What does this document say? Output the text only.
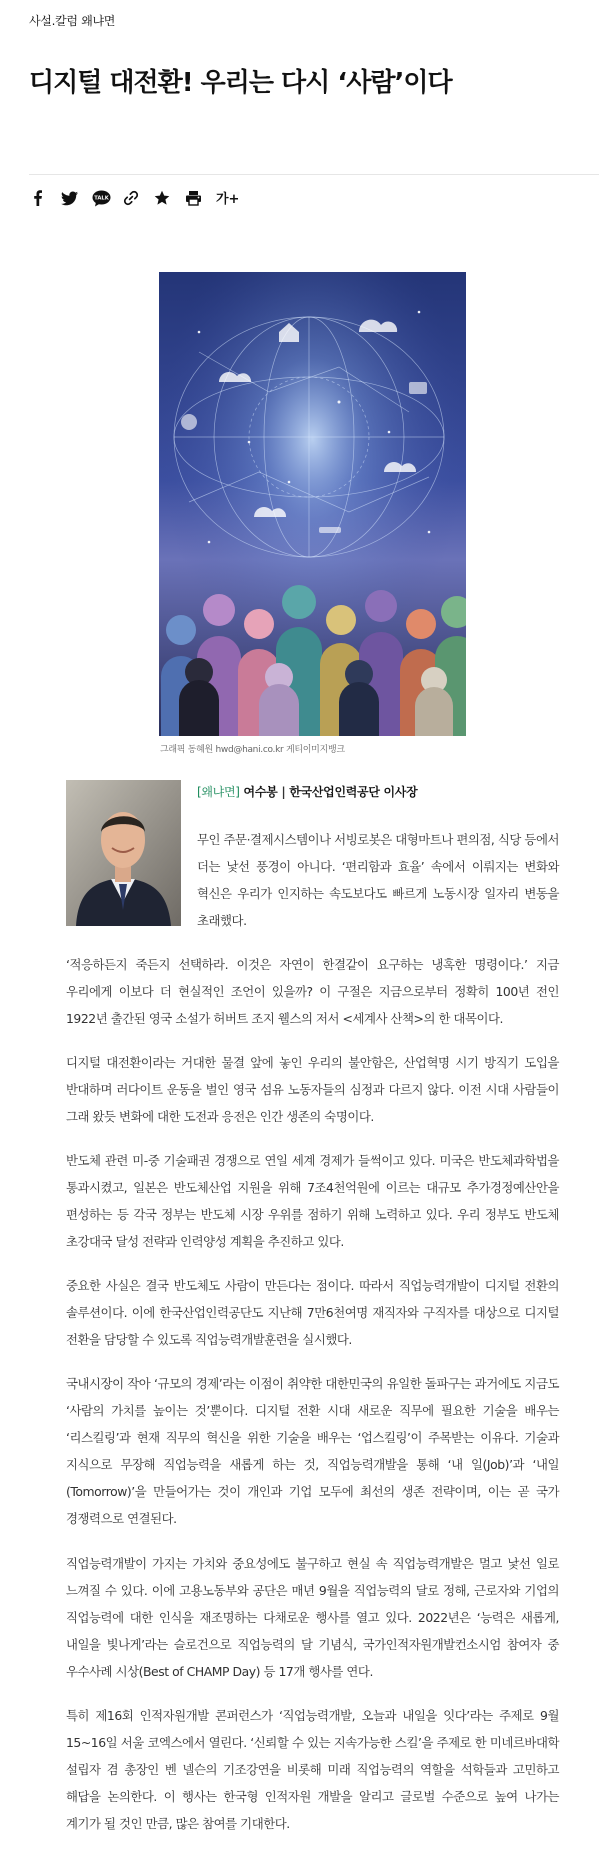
사설.칼럼 왜냐면
디지털 대전환! 우리는 다시 ‘사람’이다
TALK	가+
그래픽 동혜원 hwd@hani.co.kr 게티이미지뱅크
[왜냐면] 여수봉 | 한국산업인력공단 이사장

무인 주문·결제시스템이나 서빙로봇은 대형마트나 편의점, 식당 등에서 더는 낯선 풍경이 아니다. ‘편리함과 효율’ 속에서 이뤄지는 변화와 혁신은 우리가 인지하는 속도보다도 빠르게 노동시장 일자리 변동을 초래했다.

‘적응하든지 죽든지 선택하라. 이것은 자연이 한결같이 요구하는 냉혹한 명령이다.’ 지금 우리에게 이보다 더 현실적인 조언이 있을까? 이 구절은 지금으로부터 정확히 100년 전인 1922년 출간된 영국 소설가 허버트 조지 웰스의 저서 <세계사 산책>의 한 대목이다.

디지털 대전환이라는 거대한 물결 앞에 놓인 우리의 불안함은, 산업혁명 시기 방직기 도입을 반대하며 러다이트 운동을 벌인 영국 섬유 노동자들의 심정과 다르지 않다. 이전 시대 사람들이 그래 왔듯 변화에 대한 도전과 응전은 인간 생존의 숙명이다.

반도체 관련 미-중 기술패권 경쟁으로 연일 세계 경제가 들썩이고 있다. 미국은 반도체과학법을 통과시켰고, 일본은 반도체산업 지원을 위해 7조4천억원에 이르는 대규모 추가경정예산안을 편성하는 등 각국 정부는 반도체 시장 우위를 점하기 위해 노력하고 있다. 우리 정부도 반도체 초강대국 달성 전략과 인력양성 계획을 추진하고 있다.

중요한 사실은 결국 반도체도 사람이 만든다는 점이다. 따라서 직업능력개발이 디지털 전환의 솔루션이다. 이에 한국산업인력공단도 지난해 7만6천여명 재직자와 구직자를 대상으로 디지털 전환을 담당할 수 있도록 직업능력개발훈련을 실시했다.

국내시장이 작아 ‘규모의 경제’라는 이점이 취약한 대한민국의 유일한 돌파구는 과거에도 지금도 ‘사람의 가치를 높이는 것’뿐이다. 디지털 전환 시대 새로운 직무에 필요한 기술을 배우는 ‘리스킬링’과 현재 직무의 혁신을 위한 기술을 배우는 ‘업스킬링’이 주목받는 이유다. 기술과 지식으로 무장해 직업능력을 새롭게 하는 것, 직업능력개발을 통해 ‘내 일(Job)’과 ‘내일(Tomorrow)’을 만들어가는 것이 개인과 기업 모두에 최선의 생존 전략이며, 이는 곧 국가 경쟁력으로 연결된다.

직업능력개발이 가지는 가치와 중요성에도 불구하고 현실 속 직업능력개발은 멀고 낯선 일로 느껴질 수 있다. 이에 고용노동부와 공단은 매년 9월을 직업능력의 달로 정해, 근로자와 기업의 직업능력에 대한 인식을 재조명하는 다채로운 행사를 열고 있다. 2022년은 ‘능력은 새롭게, 내일을 빛나게’라는 슬로건으로 직업능력의 달 기념식, 국가인적자원개발컨소시엄 참여자 중 우수사례 시상(Best of CHAMP Day) 등 17개 행사를 연다.

특히 제16회 인적자원개발 콘퍼런스가 ‘직업능력개발, 오늘과 내일을 잇다’라는 주제로 9월 15~16일 서울 코엑스에서 열린다. ‘신뢰할 수 있는 지속가능한 스킬’을 주제로 한 미네르바대학 설립자 겸 총장인 벤 넬슨의 기조강연을 비롯해 미래 직업능력의 역할을 석학들과 고민하고 해답을 논의한다. 이 행사는 한국형 인적자원 개발을 알리고 글로벌 수준으로 높여 나가는 계기가 될 것인 만큼, 많은 참여를 기대한다.
